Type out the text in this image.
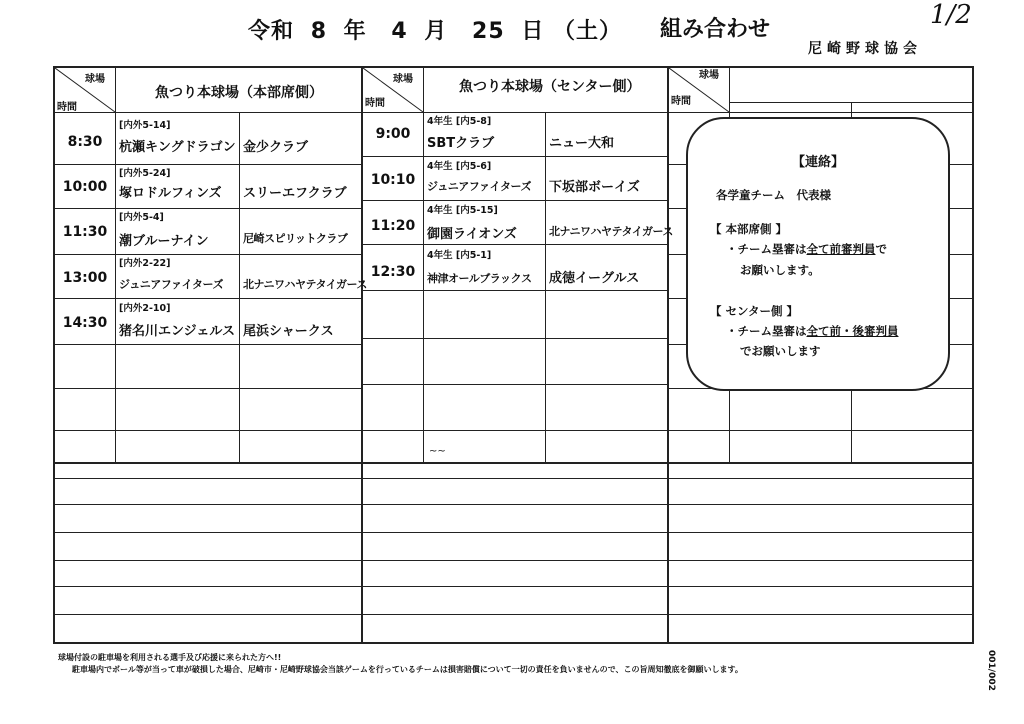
令和 8 年 4 月 25 日 （土） 組み合わせ
尼崎野球協会
1/2
球場
時間
球場
時間
球場
時間
魚つり本球場（本部席側）	魚つり本球場（センター側）
8:30
[内外5-14]
杭瀬キングドラゴン 金少クラブ
10:00
[内外5-24]
塚ロドルフィンズ スリーエフクラブ
11:30
[内外5-4]
潮ブルーナイン	尼崎スピリットクラブ
13:00
[内外2-22]
ジュニアファイターズ 北ナニワハヤテタイガース
14:30
[内外2-10]
猪名川エンジェルス 尾浜シャークス
9:00
4年生 [内5-8]
SBTクラブ	ニュー大和
10:10
4年生 [内5-6]
ジュニアファイターズ 下坂部ボーイズ
11:20
4年生 [内5-15]
御園ライオンズ	北ナニワハヤテタイガース
12:30
4年生 [内5-1]
神津オールブラックス 成徳イーグルス
~~
【連絡】
各学童チーム　代表様
【 本部席側 】
・チーム塁審は全て前審判員で
お願いします。
【 センター側 】
・チーム塁審は全て前・後審判員
でお願いします
球場付設の駐車場を利用される選手及び応援に来られた方へ!!
駐車場内でボール等が当って車が破損した場合、尼崎市・尼崎野球協会当該ゲームを行っているチームは損害賠償について一切の責任を負いませんので、この旨周知徹底を御願いします。	001/002
